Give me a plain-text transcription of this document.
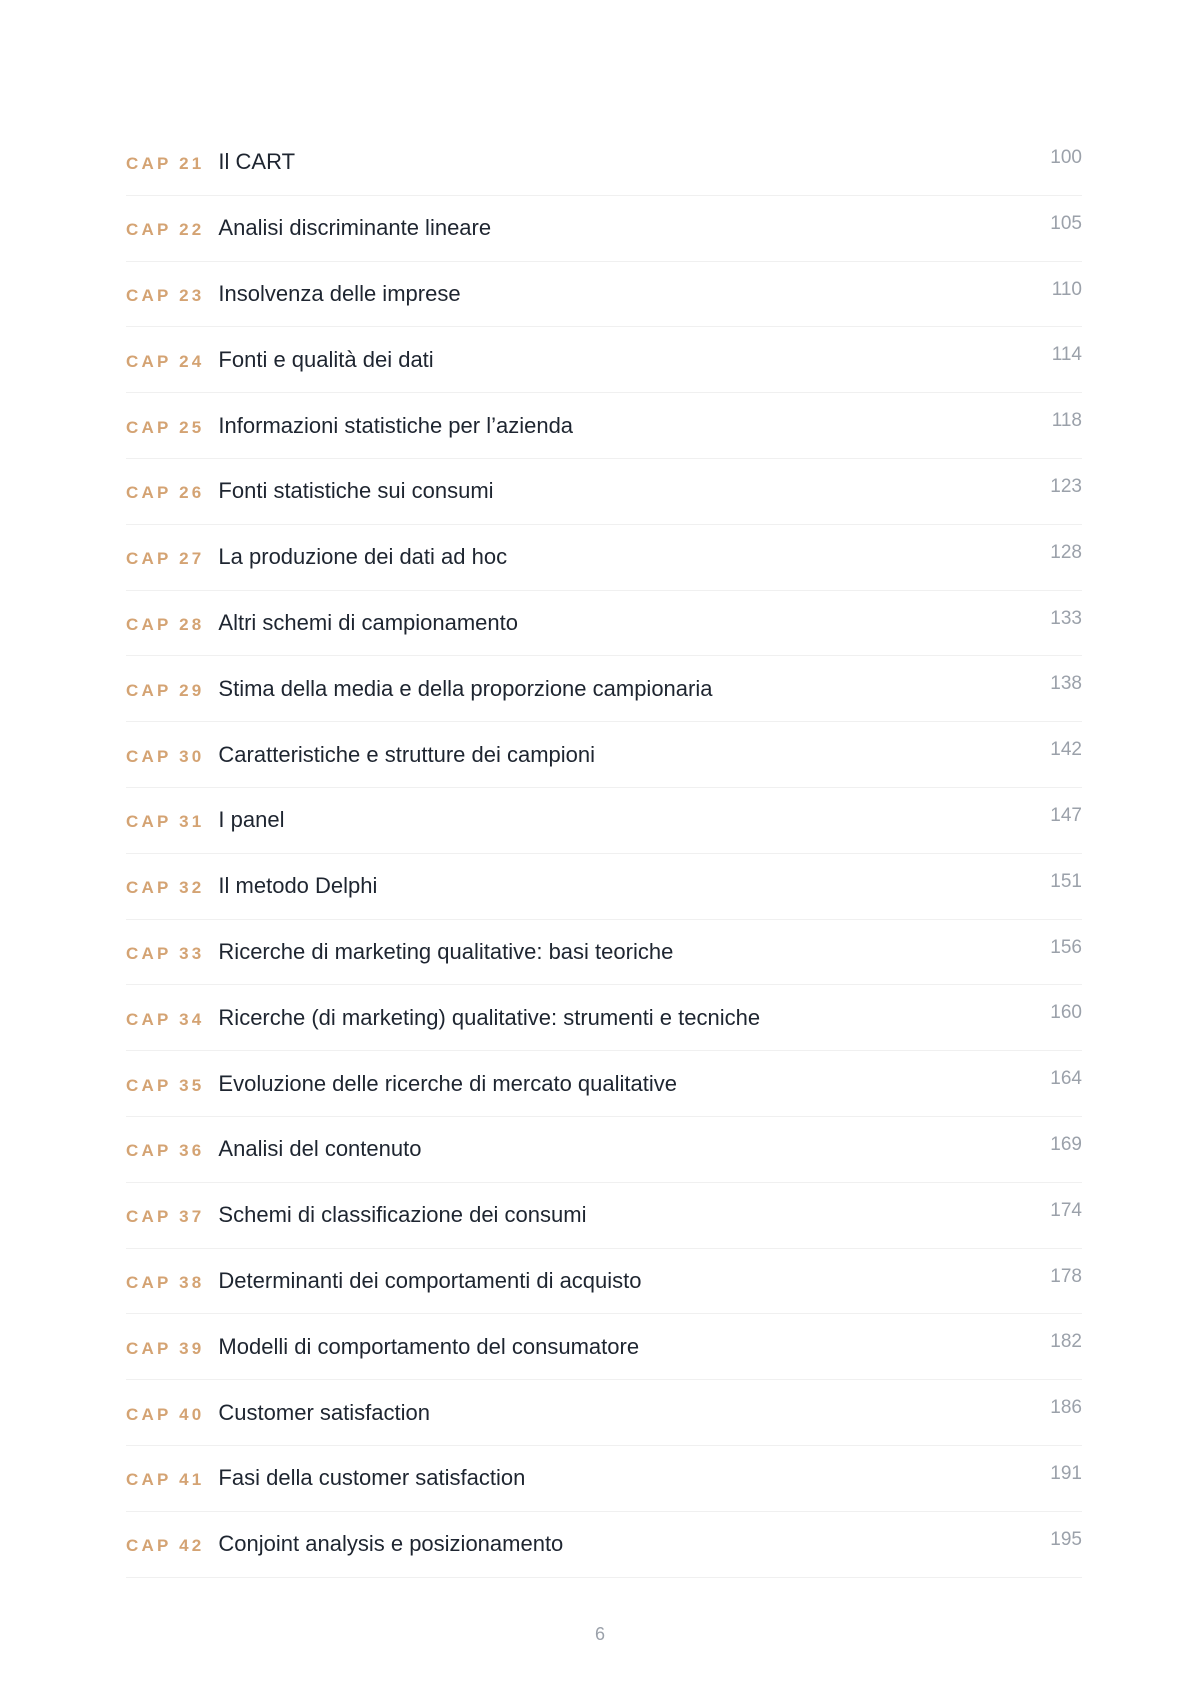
CAP 21 Il CART	100
CAP 22 Analisi discriminante lineare	105
CAP 23 Insolvenza delle imprese	110
CAP 24 Fonti e qualità dei dati	114
CAP 25 Informazioni statistiche per l’azienda	118
CAP 26 Fonti statistiche sui consumi	123
CAP 27 La produzione dei dati ad hoc	128
CAP 28 Altri schemi di campionamento	133
CAP 29 Stima della media e della proporzione campionaria	138
CAP 30 Caratteristiche e strutture dei campioni	142
CAP 31 I panel	147
CAP 32 Il metodo Delphi	151
CAP 33 Ricerche di marketing qualitative: basi teoriche	156
CAP 34 Ricerche (di marketing) qualitative: strumenti e tecniche	160
CAP 35 Evoluzione delle ricerche di mercato qualitative	164
CAP 36 Analisi del contenuto	169
CAP 37 Schemi di classificazione dei consumi	174
CAP 38 Determinanti dei comportamenti di acquisto	178
CAP 39 Modelli di comportamento del consumatore	182
CAP 40 Customer satisfaction	186
CAP 41 Fasi della customer satisfaction	191
CAP 42 Conjoint analysis e posizionamento	195
6
